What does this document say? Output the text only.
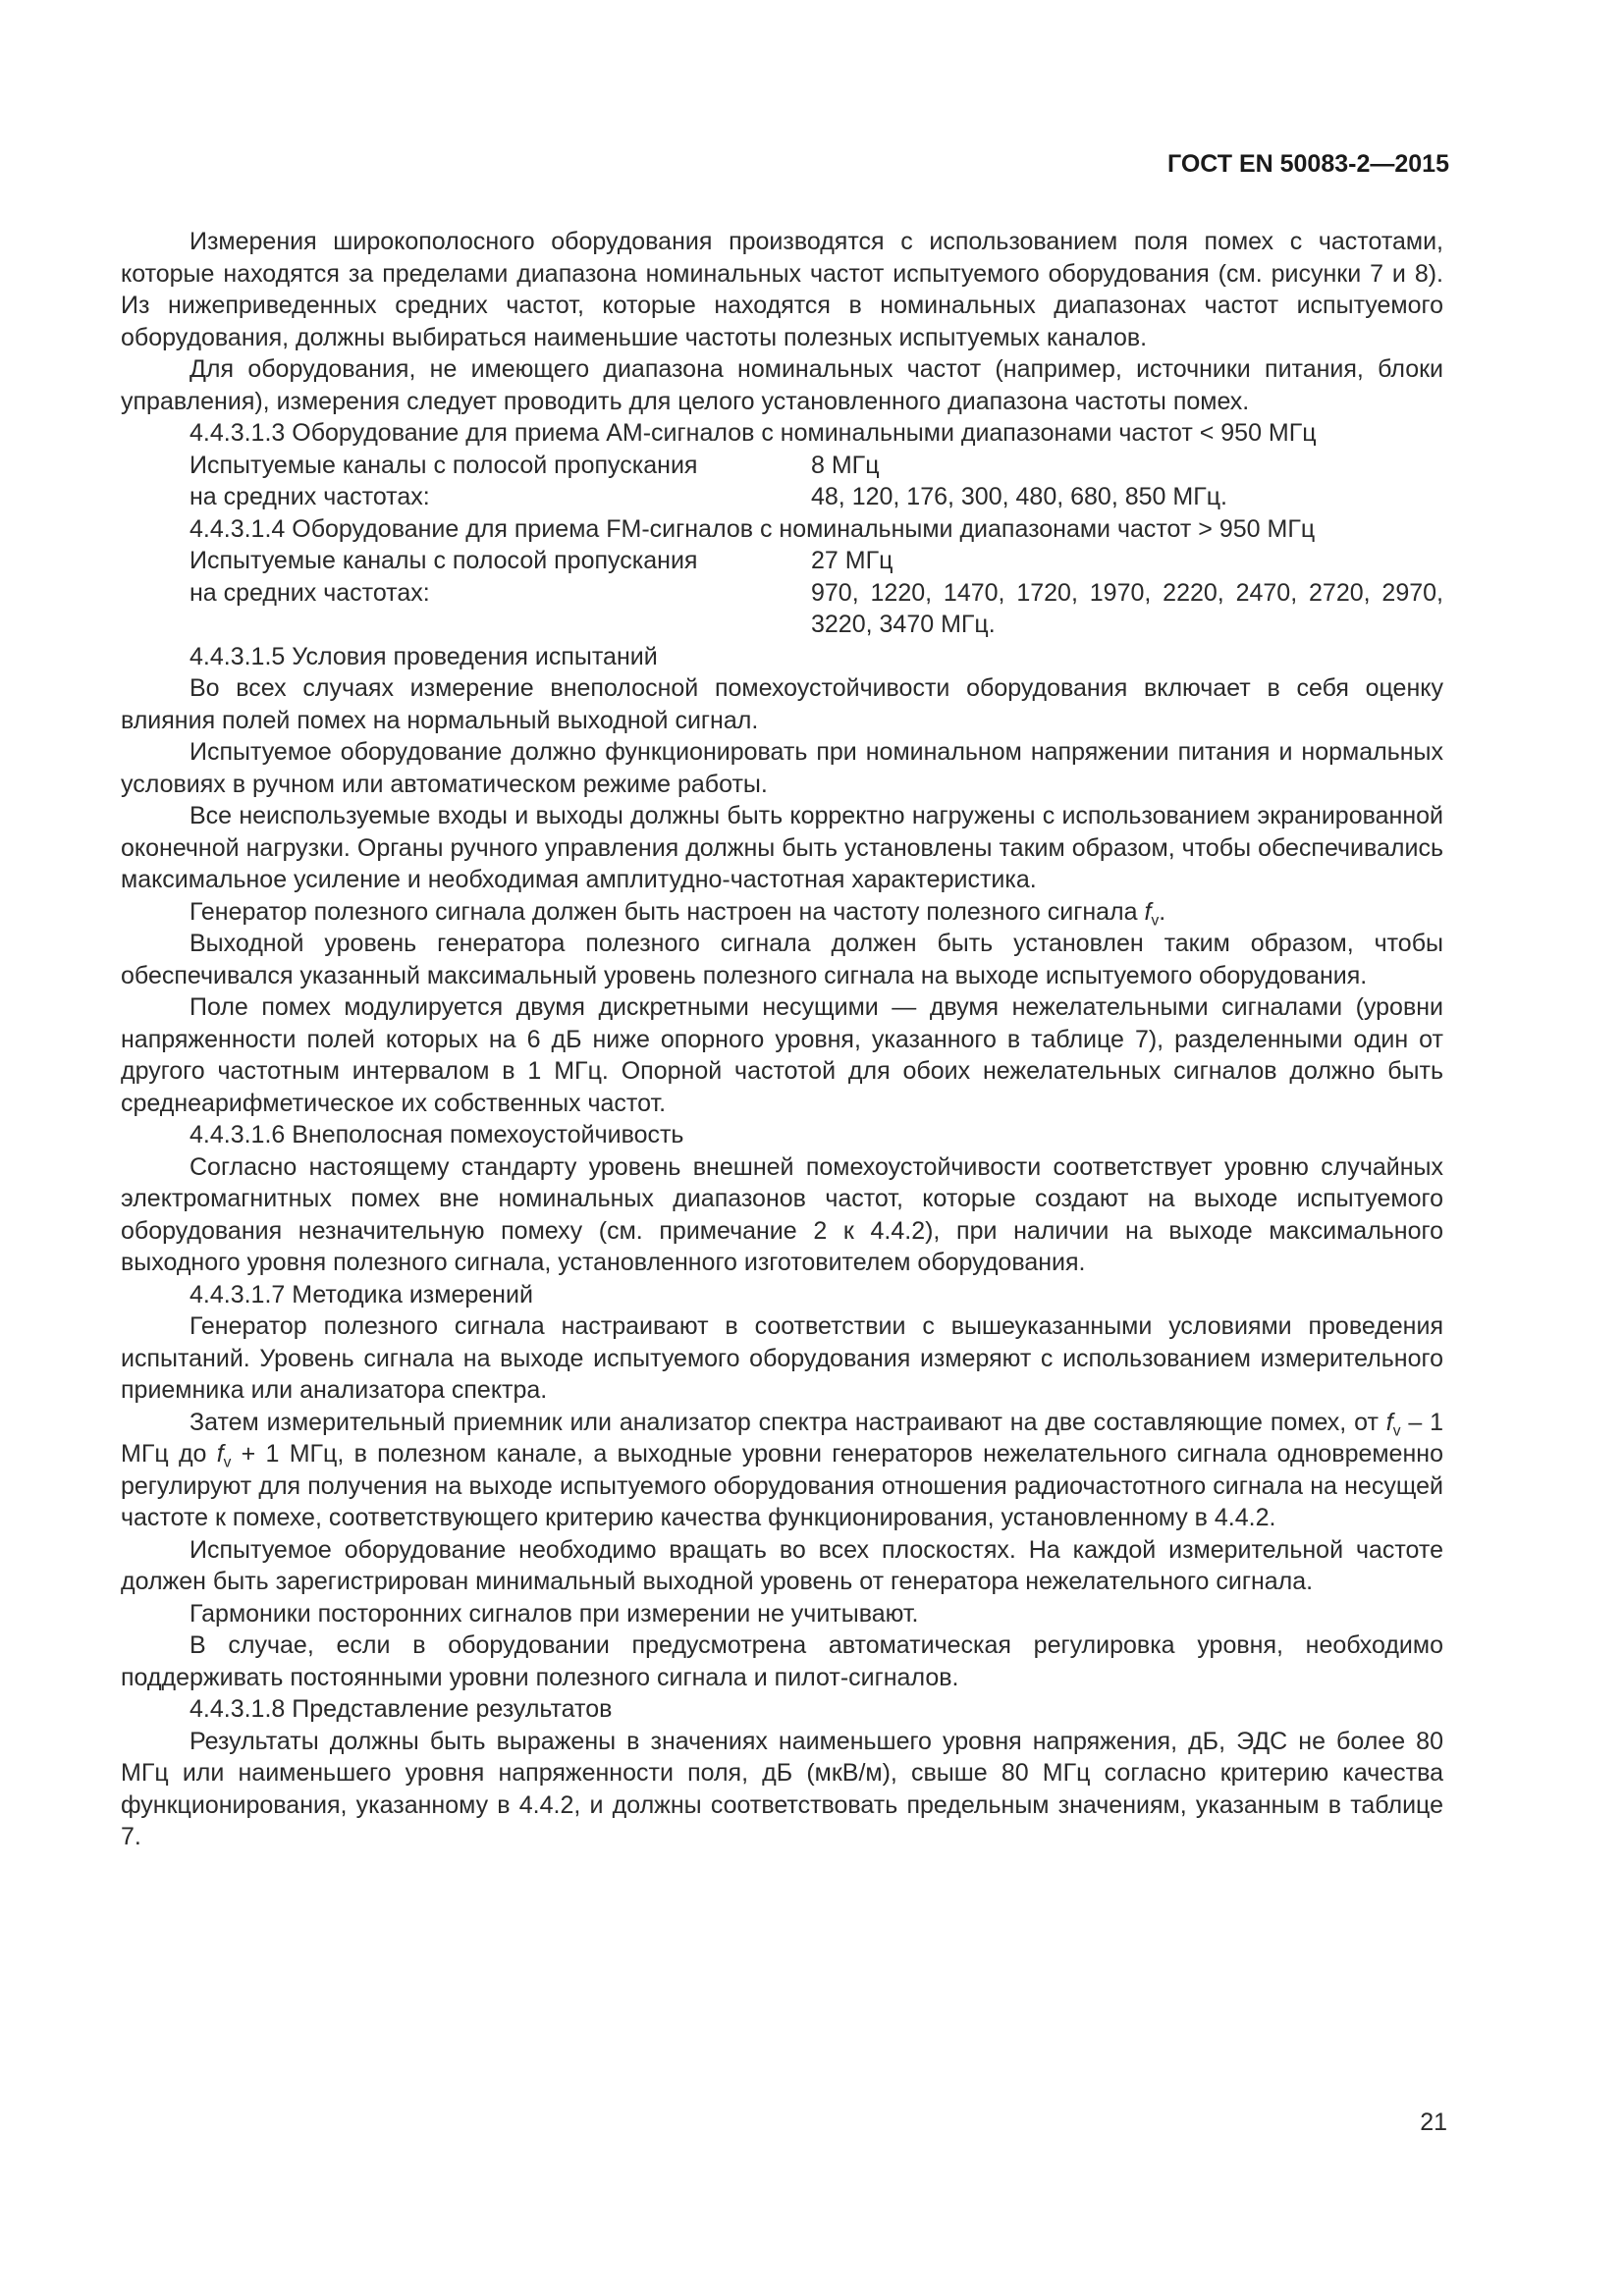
ГОСТ EN 50083-2—2015

Измерения широкополосного оборудования производятся с использованием поля помех с частотами, которые находятся за пределами диапазона номинальных частот испытуемого оборудования (см. рисунки 7 и 8). Из нижеприведенных средних частот, которые находятся в номинальных диапазонах частот испытуемого оборудования, должны выбираться наименьшие частоты полезных испытуемых каналов.

Для оборудования, не имеющего диапазона номинальных частот (например, источники питания, блоки управления), измерения следует проводить для целого установленного диапазона частоты помех.

4.4.3.1.3 Оборудование для приема АМ-сигналов с номинальными диапазонами частот < 950 МГц

Испытуемые каналы с полосой пропускания	8 МГц
на средних частотах:	48, 120, 176, 300, 480, 680, 850 МГц.

4.4.3.1.4 Оборудование для приема FM-сигналов с номинальными диапазонами частот > 950 МГц

Испытуемые каналы с полосой пропускания	27 МГц
на средних частотах:	970, 1220, 1470, 1720, 1970, 2220, 2470, 2720, 2970, 3220, 3470 МГц.

4.4.3.1.5 Условия проведения испытаний

Во всех случаях измерение внеполосной помехоустойчивости оборудования включает в себя оценку влияния полей помех на нормальный выходной сигнал.

Испытуемое оборудование должно функционировать при номинальном напряжении питания и нормальных условиях в ручном или автоматическом режиме работы.

Все неиспользуемые входы и выходы должны быть корректно нагружены с использованием экранированной оконечной нагрузки. Органы ручного управления должны быть установлены таким образом, чтобы обеспечивались максимальное усиление и необходимая амплитудно-частотная характеристика.

Генератор полезного сигнала должен быть настроен на частоту полезного сигнала $f_v$.

Выходной уровень генератора полезного сигнала должен быть установлен таким образом, чтобы обеспечивался указанный максимальный уровень полезного сигнала на выходе испытуемого оборудования.

Поле помех модулируется двумя дискретными несущими — двумя нежелательными сигналами (уровни напряженности полей которых на 6 дБ ниже опорного уровня, указанного в таблице 7), разделенными один от другого частотным интервалом в 1 МГц. Опорной частотой для обоих нежелательных сигналов должно быть среднеарифметическое их собственных частот.

4.4.3.1.6 Внеполосная помехоустойчивость

Согласно настоящему стандарту уровень внешней помехоустойчивости соответствует уровню случайных электромагнитных помех вне номинальных диапазонов частот, которые создают на выходе испытуемого оборудования незначительную помеху (см. примечание 2 к 4.4.2), при наличии на выходе максимального выходного уровня полезного сигнала, установленного изготовителем оборудования.

4.4.3.1.7 Методика измерений

Генератор полезного сигнала настраивают в соответствии с вышеуказанными условиями проведения испытаний. Уровень сигнала на выходе испытуемого оборудования измеряют с использованием измерительного приемника или анализатора спектра.

Затем измерительный приемник или анализатор спектра настраивают на две составляющие помех, от $f_v - 1$ МГц до $f_v + 1$ МГц, в полезном канале, а выходные уровни генераторов нежелательного сигнала одновременно регулируют для получения на выходе испытуемого оборудования отношения радиочастотного сигнала на несущей частоте к помехе, соответствующего критерию качества функционирования, установленному в 4.4.2.

Испытуемое оборудование необходимо вращать во всех плоскостях. На каждой измерительной частоте должен быть зарегистрирован минимальный выходной уровень от генератора нежелательного сигнала.

Гармоники посторонних сигналов при измерении не учитывают.

В случае, если в оборудовании предусмотрена автоматическая регулировка уровня, необходимо поддерживать постоянными уровни полезного сигнала и пилот-сигналов.

4.4.3.1.8 Представление результатов

Результаты должны быть выражены в значениях наименьшего уровня напряжения, дБ, ЭДС не более 80 МГц или наименьшего уровня напряженности поля, дБ (мкВ/м), свыше 80 МГц согласно критерию качества функционирования, указанному в 4.4.2, и должны соответствовать предельным значениям, указанным в таблице 7.

21
